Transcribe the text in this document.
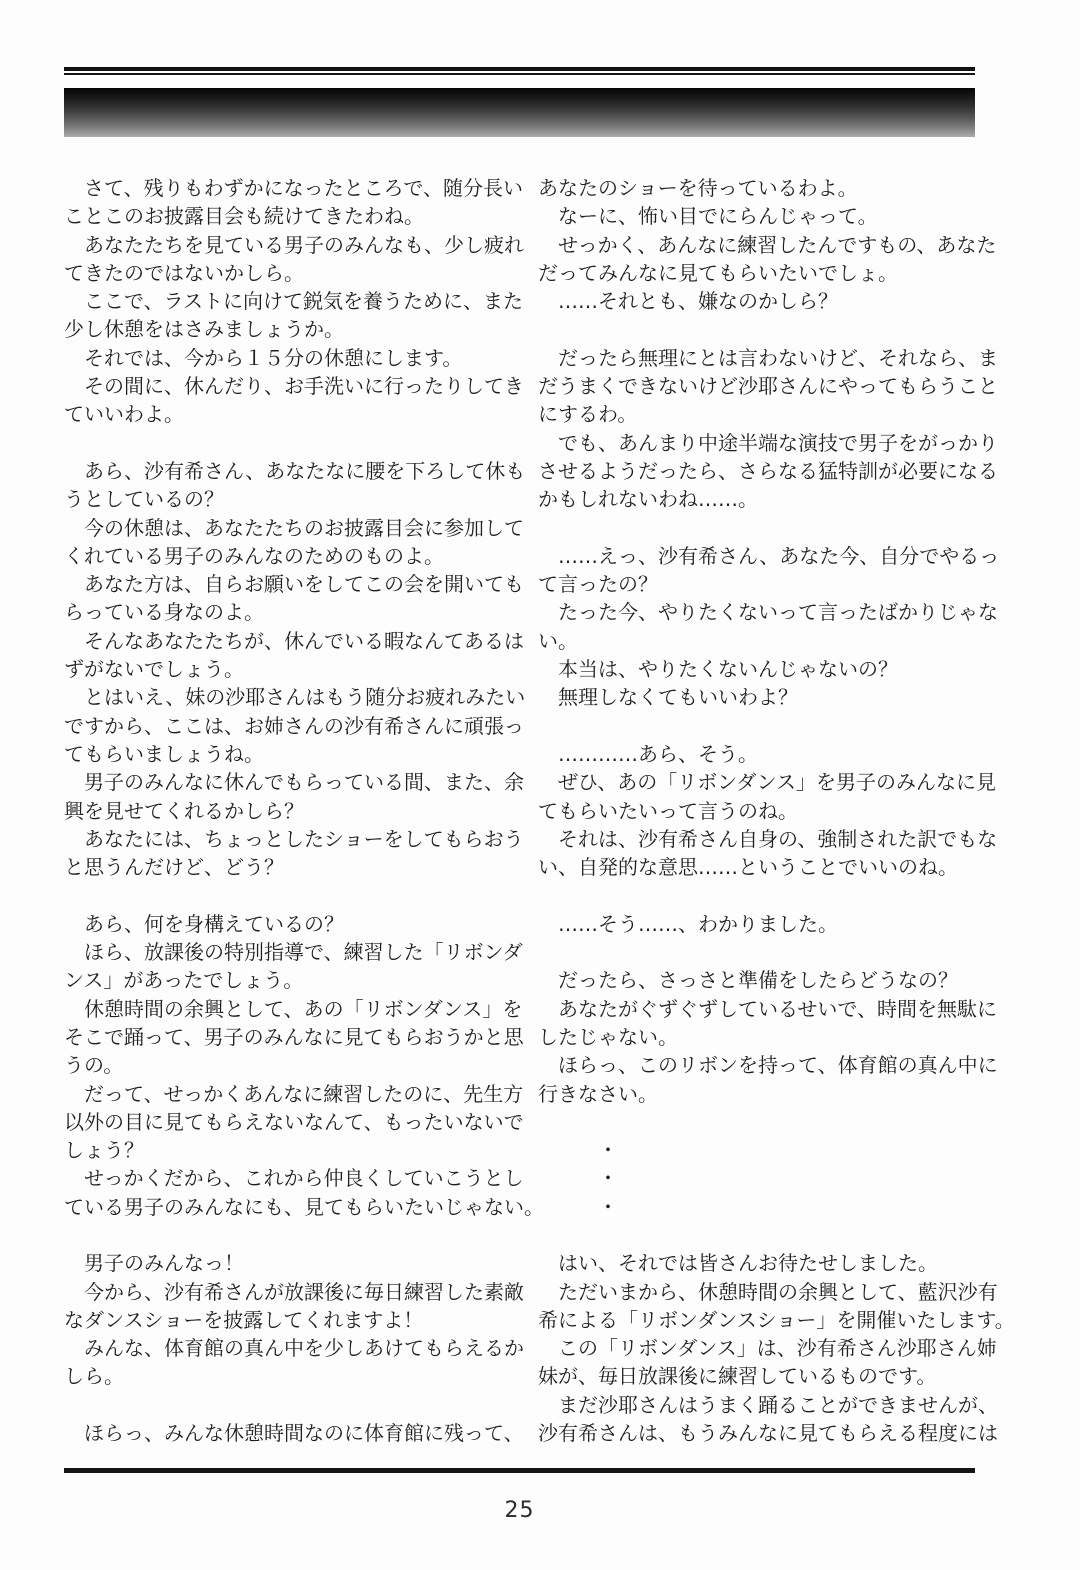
　さて、残りもわずかになったところで、随分長い
ことこのお披露目会も続けてきたわね。
　あなたたちを見ている男子のみんなも、少し疲れ
てきたのではないかしら。
　ここで、ラストに向けて鋭気を養うために、また
少し休憩をはさみましょうか。
　それでは、今から１５分の休憩にします。
　その間に、休んだり、お手洗いに行ったりしてき
ていいわよ。
　あら、沙有希さん、あなたなに腰を下ろして休も
うとしているの？
　今の休憩は、あなたたちのお披露目会に参加して
くれている男子のみんなのためのものよ。
　あなた方は、自らお願いをしてこの会を開いても
らっている身なのよ。
　そんなあなたたちが、休んでいる暇なんてあるは
ずがないでしょう。
　とはいえ、妹の沙耶さんはもう随分お疲れみたい
ですから、ここは、お姉さんの沙有希さんに頑張っ
てもらいましょうね。
　男子のみんなに休んでもらっている間、また、余
興を見せてくれるかしら？
　あなたには、ちょっとしたショーをしてもらおう
と思うんだけど、どう？
　あら、何を身構えているの？
　ほら、放課後の特別指導で、練習した「リボンダ
ンス」があったでしょう。
　休憩時間の余興として、あの「リボンダンス」を
そこで踊って、男子のみんなに見てもらおうかと思
うの。
　だって、せっかくあんなに練習したのに、先生方
以外の目に見てもらえないなんて、もったいないで
しょう？
　せっかくだから、これから仲良くしていこうとし
ている男子のみんなにも、見てもらいたいじゃない。
　男子のみんなっ！
　今から、沙有希さんが放課後に毎日練習した素敵
なダンスショーを披露してくれますよ！
　みんな、体育館の真ん中を少しあけてもらえるか
しら。
　ほらっ、みんな休憩時間なのに体育館に残って、
あなたのショーを待っているわよ。
　なーに、怖い目でにらんじゃって。
　せっかく、あんなに練習したんですもの、あなた
だってみんなに見てもらいたいでしょ。
　……それとも、嫌なのかしら？
　だったら無理にとは言わないけど、それなら、ま
だうまくできないけど沙耶さんにやってもらうこと
にするわ。
　でも、あんまり中途半端な演技で男子をがっかり
させるようだったら、さらなる猛特訓が必要になる
かもしれないわね……。
　……えっ、沙有希さん、あなた今、自分でやるっ
て言ったの？
　たった今、やりたくないって言ったばかりじゃな
い。
　本当は、やりたくないんじゃないの？
　無理しなくてもいいわよ？
　…………あら、そう。
　ぜひ、あの「リボンダンス」を男子のみんなに見
てもらいたいって言うのね。
　それは、沙有希さん自身の、強制された訳でもな
い、自発的な意思……ということでいいのね。
　……そう……、わかりました。
　だったら、さっさと準備をしたらどうなの？
　あなたがぐずぐずしているせいで、時間を無駄に
したじゃない。
　ほらっ、このリボンを持って、体育館の真ん中に
行きなさい。
　　　・
　　　・
　　　・
　はい、それでは皆さんお待たせしました。
　ただいまから、休憩時間の余興として、藍沢沙有
希による「リボンダンスショー」を開催いたします。
　この「リボンダンス」は、沙有希さん沙耶さん姉
妹が、毎日放課後に練習しているものです。
　まだ沙耶さんはうまく踊ることができませんが、
沙有希さんは、もうみんなに見てもらえる程度には
25
